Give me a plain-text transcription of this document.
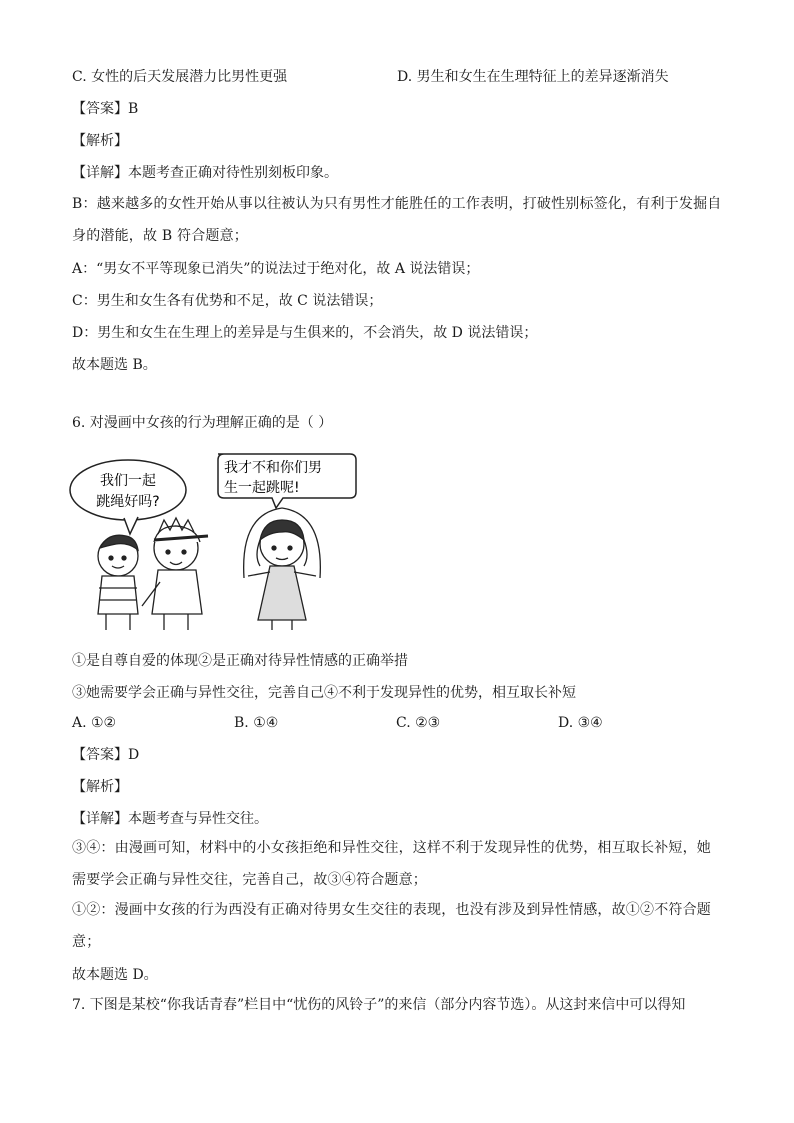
C. 女性的后天发展潜力比男性更强	D. 男生和女生在生理特征上的差异逐渐消失
【答案】B
【解析】
【详解】本题考查正确对待性别刻板印象。
B：越来越多的女性开始从事以往被认为只有男性才能胜任的工作表明，打破性别标签化，有利于发掘自身的潜能，故 B 符合题意；
A：“男女不平等现象已消失”的说法过于绝对化，故 A 说法错误；
C：男生和女生各有优势和不足，故 C 说法错误；
D：男生和女生在生理上的差异是与生俱来的，不会消失，故 D 说法错误；
故本题选 B。
6. 对漫画中女孩的行为理解正确的是（ ）
我们一起
跳绳好吗?
我才不和你们男
生一起跳呢!
①是自尊自爱的体现②是正确对待异性情感的正确举措
③她需要学会正确与异性交往，完善自己④不利于发现异性的优势，相互取长补短
A. ①②	B. ①④	C. ②③	D. ③④
【答案】D
【解析】
【详解】本题考查与异性交往。
③④：由漫画可知，材料中的小女孩拒绝和异性交往，这样不利于发现异性的优势，相互取长补短，她需要学会正确与异性交往，完善自己，故③④符合题意；
①②：漫画中女孩的行为西没有正确对待男女生交往的表现，也没有涉及到异性情感，故①②不符合题意；
故本题选 D。
7. 下图是某校“你我话青春”栏目中“忧伤的风铃子”的来信（部分内容节选）。从这封来信中可以得知
